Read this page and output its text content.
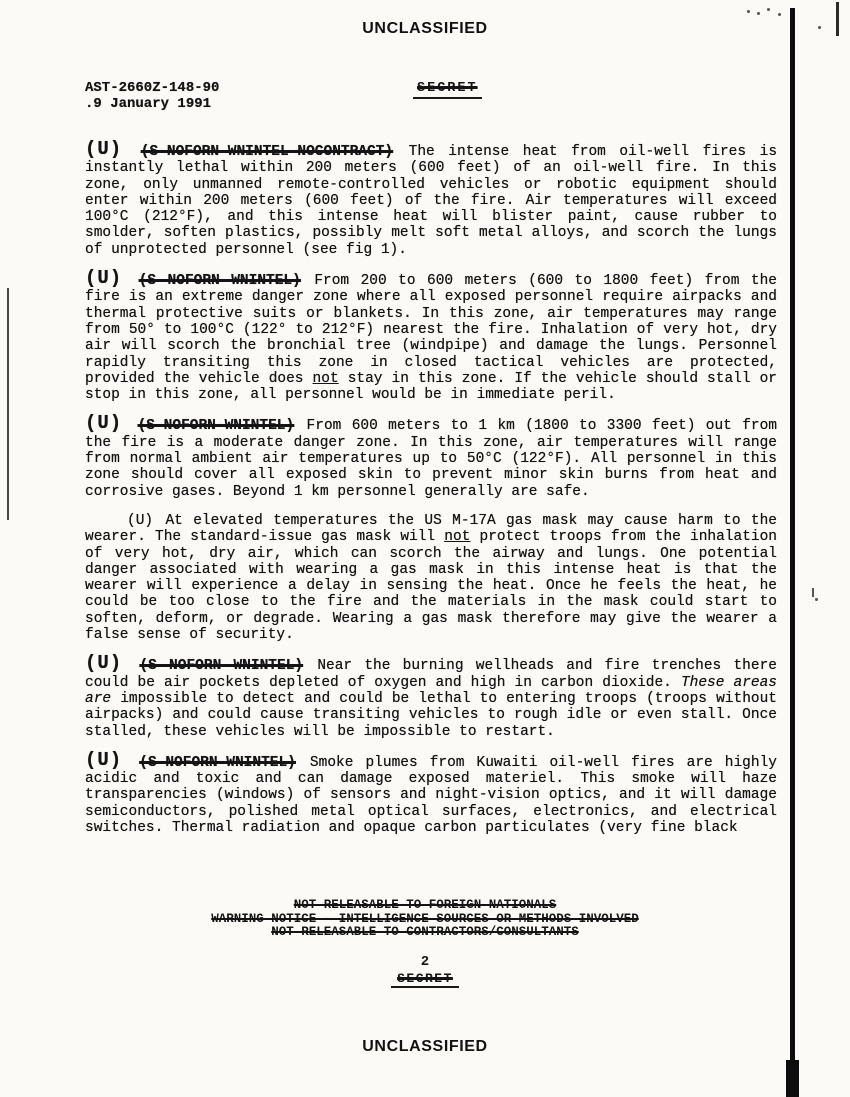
UNCLASSIFIED
AST-2660Z-148-90
.9 January 1991
SECRET
(U) (S-NOFORN-WNINTEL-NOCONTRACT) The intense heat from oil-well fires is instantly lethal within 200 meters (600 feet) of an oil-well fire. In this zone, only unmanned remote-controlled vehicles or robotic equipment should enter within 200 meters (600 feet) of the fire. Air temperatures will exceed 100°C (212°F), and this intense heat will blister paint, cause rubber to smolder, soften plastics, possibly melt soft metal alloys, and scorch the lungs of unprotected personnel (see fig 1).
(U) (S NOFORN WNINTEL) From 200 to 600 meters (600 to 1800 feet) from the fire is an extreme danger zone where all exposed personnel require airpacks and thermal protective suits or blankets. In this zone, air temperatures may range from 50° to 100°C (122° to 212°F) nearest the fire. Inhalation of very hot, dry air will scorch the bronchial tree (windpipe) and damage the lungs. Personnel rapidly transiting this zone in closed tactical vehicles are protected, provided the vehicle does not stay in this zone. If the vehicle should stall or stop in this zone, all personnel would be in immediate peril.
(U) (S-NOFORN-WNINTEL) From 600 meters to 1 km (1800 to 3300 feet) out from the fire is a moderate danger zone. In this zone, air temperatures will range from normal ambient air temperatures up to 50°C (122°F). All personnel in this zone should cover all exposed skin to prevent minor skin burns from heat and corrosive gases. Beyond 1 km personnel generally are safe.
(U) At elevated temperatures the US M-17A gas mask may cause harm to the wearer. The standard-issue gas mask will not protect troops from the inhalation of very hot, dry air, which can scorch the airway and lungs. One potential danger associated with wearing a gas mask in this intense heat is that the wearer will experience a delay in sensing the heat. Once he feels the heat, he could be too close to the fire and the materials in the mask could start to soften, deform, or degrade. Wearing a gas mask therefore may give the wearer a false sense of security.
(U) (S NOFORN WNINTEL) Near the burning wellheads and fire trenches there could be air pockets depleted of oxygen and high in carbon dioxide. These areas are impossible to detect and could be lethal to entering troops (troops without airpacks) and could cause transiting vehicles to rough idle or even stall. Once stalled, these vehicles will be impossible to restart.
(U) (S-NOFORN-WNINTEL) Smoke plumes from Kuwaiti oil-well fires are highly acidic and toxic and can damage exposed materiel. This smoke will haze transparencies (windows) of sensors and night-vision optics, and it will damage semiconductors, polished metal optical surfaces, electronics, and electrical switches. Thermal radiation and opaque carbon particulates (very fine black
NOT RELEASABLE TO FOREIGN NATIONALS
WARNING NOTICE - INTELLIGENCE SOURCES OR METHODS INVOLVED
NOT RELEASABLE TO CONTRACTORS/CONSULTANTS
2
SECRET
UNCLASSIFIED
